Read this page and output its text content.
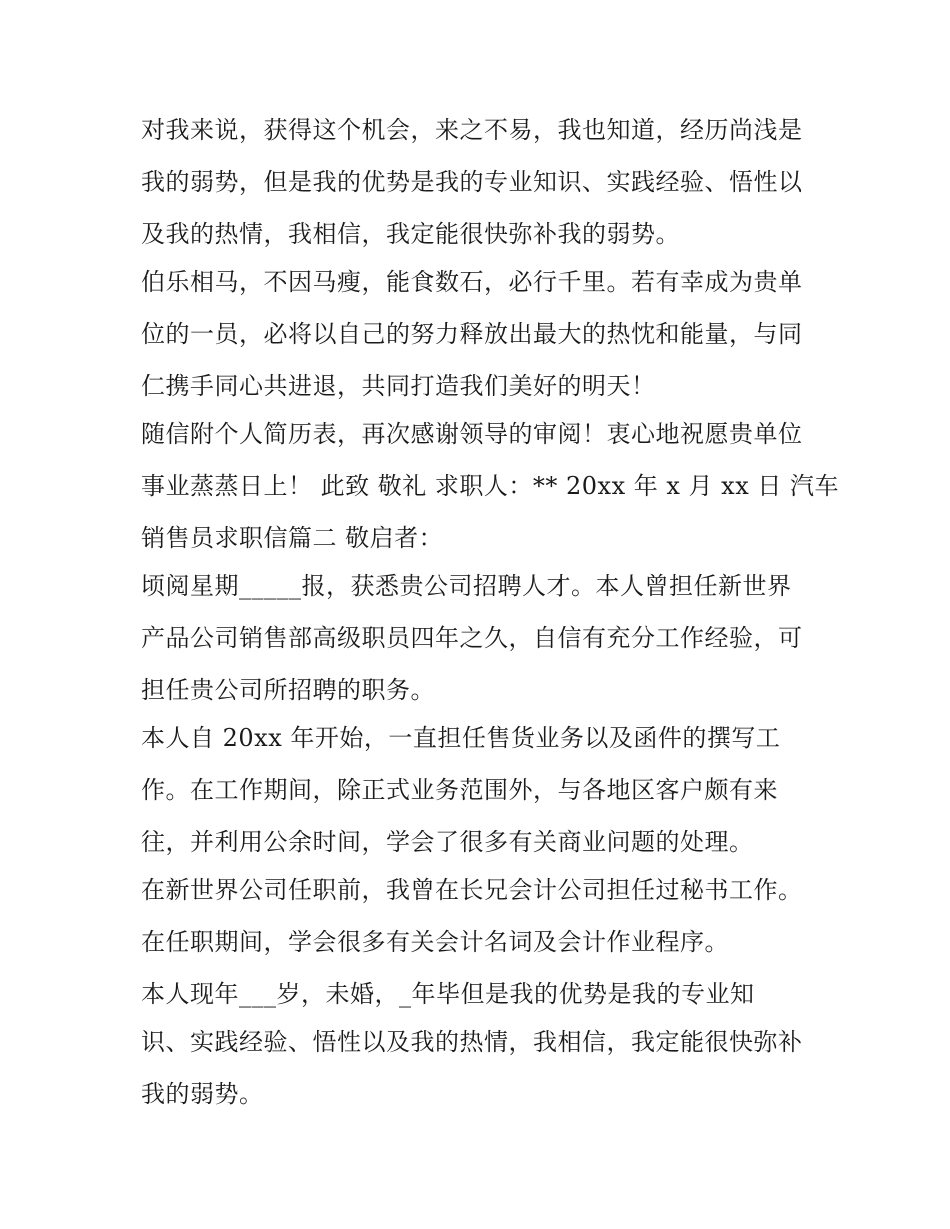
对我来说，获得这个机会，来之不易，我也知道，经历尚浅是
我的弱势，但是我的优势是我的专业知识、实践经验、悟性以
及我的热情，我相信，我定能很快弥补我的弱势。
伯乐相马，不因马瘦，能食数石，必行千里。若有幸成为贵单
位的一员，必将以自己的努力释放出最大的热忱和能量，与同
仁携手同心共进退，共同打造我们美好的明天！
随信附个人简历表，再次感谢领导的审阅！衷心地祝愿贵单位
事业蒸蒸日上！ 此致 敬礼 求职人：** 20xx 年 x 月 xx 日 汽车
销售员求职信篇二 敬启者：
顷阅星期_____报，获悉贵公司招聘人才。本人曾担任新世界
产品公司销售部高级职员四年之久，自信有充分工作经验，可
担任贵公司所招聘的职务。
本人自 20xx 年开始，一直担任售货业务以及函件的撰写工
作。在工作期间，除正式业务范围外，与各地区客户颇有来
往，并利用公余时间，学会了很多有关商业问题的处理。
在新世界公司任职前，我曾在长兄会计公司担任过秘书工作。
在任职期间，学会很多有关会计名词及会计作业程序。
本人现年___岁，未婚，_年毕但是我的优势是我的专业知
识、实践经验、悟性以及我的热情，我相信，我定能很快弥补
我的弱势。
